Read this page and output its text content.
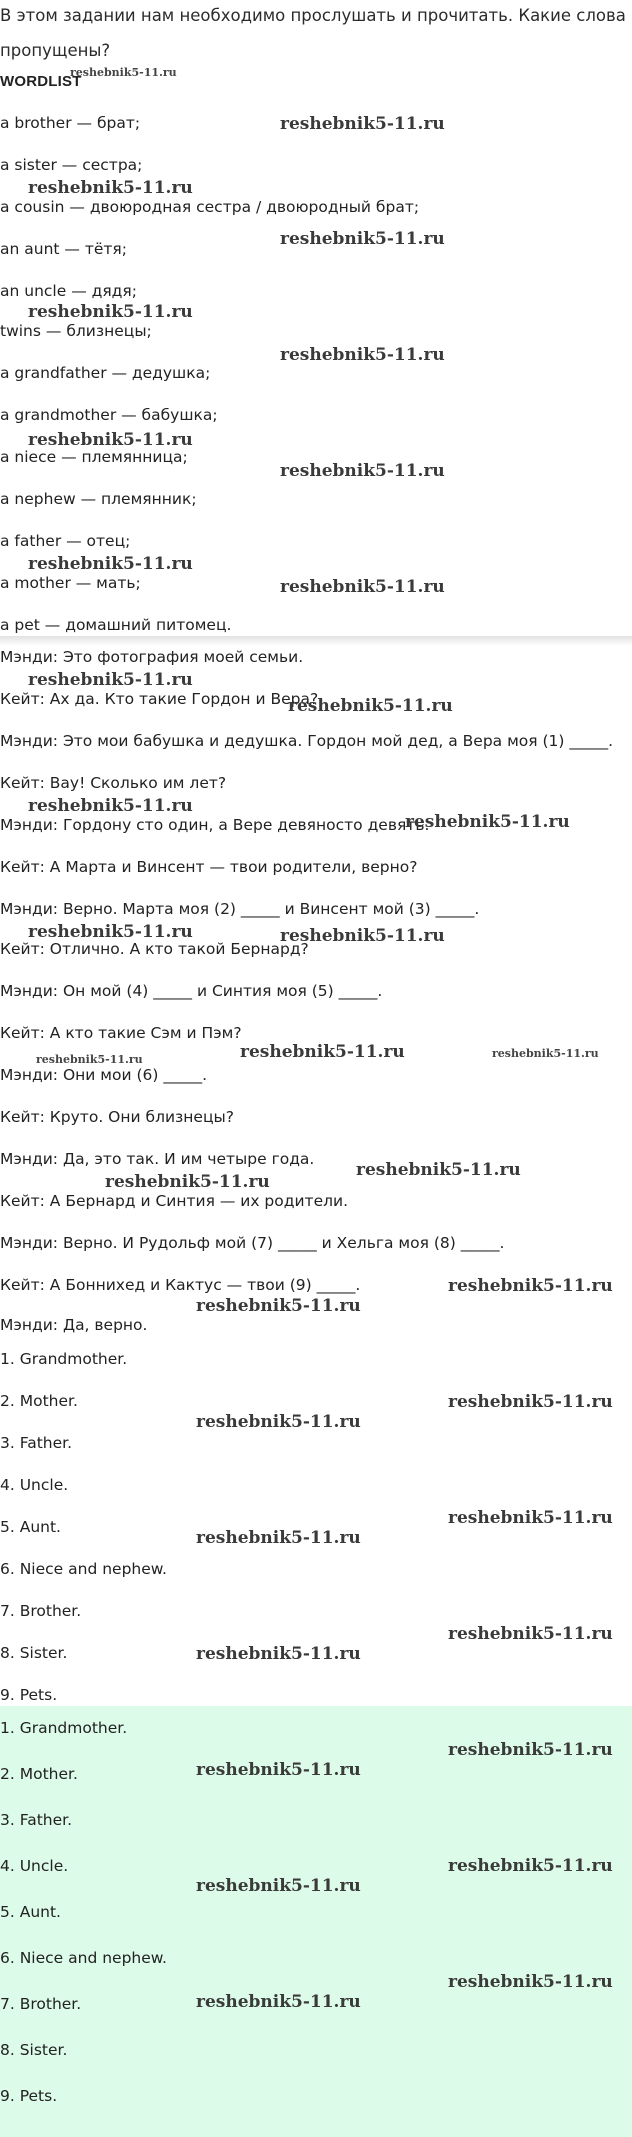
В этом задании нам необходимо прослушать и прочитать. Какие слова
пропущены?
WORDLIST
a brother — брат;
a sister — сестра;
a cousin — двоюродная сестра / двоюродный брат;
an aunt — тётя;
an uncle — дядя;
twins — близнецы;
a grandfather — дедушка;
a grandmother — бабушка;
a niece — племянница;
a nephew — племянник;
a father — отец;
a mother — мать;
a pet — домашний питомец.
Мэнди: Это фотография моей семьи.
Кейт: Ах да. Кто такие Гордон и Вера?
Мэнди: Это мои бабушка и дедушка. Гордон мой дед, а Вера моя (1) _____.
Кейт: Вау! Сколько им лет?
Мэнди: Гордону сто один, а Вере девяносто девять.
Кейт: А Марта и Винсент — твои родители, верно?
Мэнди: Верно. Марта моя (2) _____ и Винсент мой (3) _____.
Кейт: Отлично. А кто такой Бернард?
Мэнди: Он мой (4) _____ и Синтия моя (5) _____.
Кейт: А кто такие Сэм и Пэм?
Мэнди: Они мои (6) _____.
Кейт: Круто. Они близнецы?
Мэнди: Да, это так. И им четыре года.
Кейт: А Бернард и Синтия — их родители.
Мэнди: Верно. И Рудольф мой (7) _____ и Хельга моя (8) _____.
Кейт: А Боннихед и Кактус — твои (9) _____.
Мэнди: Да, верно.
1. Grandmother.
2. Mother.
3. Father.
4. Uncle.
5. Aunt.
6. Niece and nephew.
7. Brother.
8. Sister.
9. Pets.
1. Grandmother.
2. Mother.
3. Father.
4. Uncle.
5. Aunt.
6. Niece and nephew.
7. Brother.
8. Sister.
9. Pets.
reshebnik5-11.ru
reshebnik5-11.ru
reshebnik5-11.ru
reshebnik5-11.ru
reshebnik5-11.ru
reshebnik5-11.ru
reshebnik5-11.ru
reshebnik5-11.ru
reshebnik5-11.ru
reshebnik5-11.ru
reshebnik5-11.ru
reshebnik5-11.ru
reshebnik5-11.ru
reshebnik5-11.ru
reshebnik5-11.ru	reshebnik5-11.ru
reshebnik5-11.ru	reshebnik5-11.ru	reshebnik5-11.ru
reshebnik5-11.ru
reshebnik5-11.ru
reshebnik5-11.ru
reshebnik5-11.ru
reshebnik5-11.ru
reshebnik5-11.ru
reshebnik5-11.ru
reshebnik5-11.ru
reshebnik5-11.ru
reshebnik5-11.ru
reshebnik5-11.ru
reshebnik5-11.ru
reshebnik5-11.ru
reshebnik5-11.ru
reshebnik5-11.ru
reshebnik5-11.ru
